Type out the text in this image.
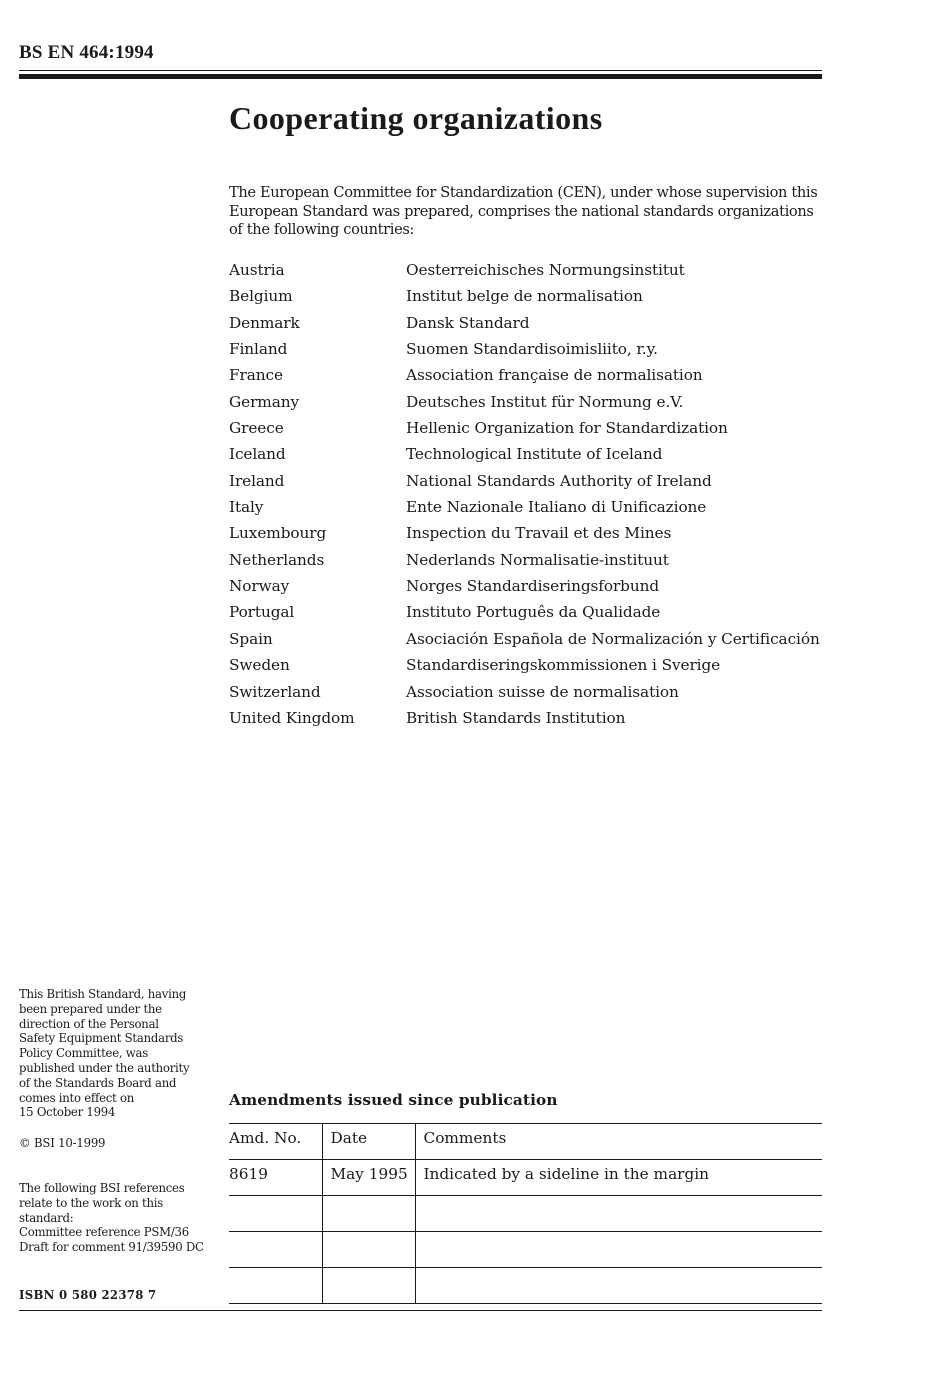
BS EN 464:1994
Cooperating organizations

The European Committee for Standardization (CEN), under whose supervision this European Standard was prepared, comprises the national standards organizations of the following countries:

Austria	Oesterreichisches Normungsinstitut
Belgium	Institut belge de normalisation
Denmark	Dansk Standard
Finland	Suomen Standardisoimisliito, r.y.
France	Association française de normalisation
Germany	Deutsches Institut für Normung e.V.
Greece	Hellenic Organization for Standardization
Iceland	Technological Institute of Iceland
Ireland	National Standards Authority of Ireland
Italy	Ente Nazionale Italiano di Unificazione
Luxembourg	Inspection du Travail et des Mines
Netherlands	Nederlands Normalisatie-instituut
Norway	Norges Standardiseringsforbund
Portugal	Instituto Português da Qualidade
Spain	Asociación Española de Normalización y Certificación
Sweden	Standardiseringskommissionen i Sverige
Switzerland	Association suisse de normalisation
United Kingdom	British Standards Institution
This British Standard, having
been prepared under the
direction of the Personal
Safety Equipment Standards
Policy Committee, was
published under the authority
of the Standards Board and
comes into effect on
15 October 1994
© BSI 10-1999
The following BSI references
relate to the work on this
standard:
Committee reference PSM/36
Draft for comment 91/39590 DC
ISBN 0 580 22378 7
Amendments issued since publication
Amd. No.	Date	Comments
8619	May 1995	Indicated by a sideline in the margin
